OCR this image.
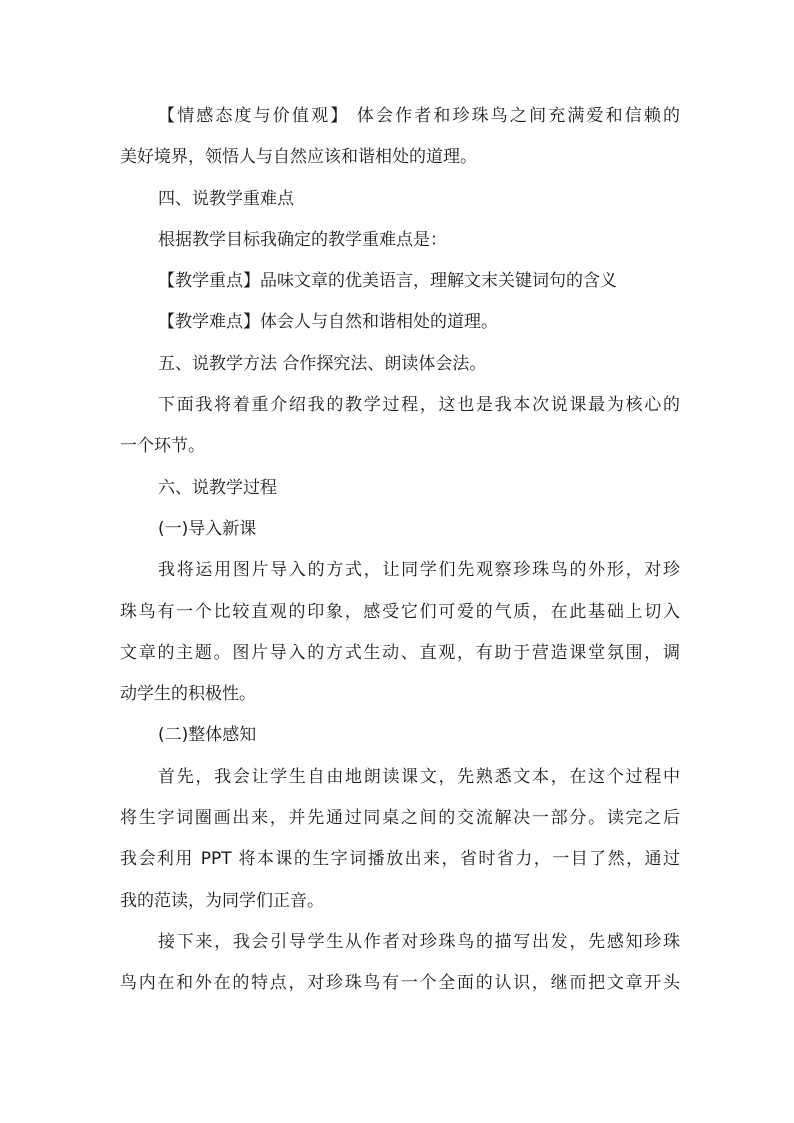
【情感态度与价值观】 体会作者和珍珠鸟之间充满爱和信赖的
美好境界，领悟人与自然应该和谐相处的道理。
四、说教学重难点
根据教学目标我确定的教学重难点是：
【教学重点】品味文章的优美语言，理解文末关键词句的含义
【教学难点】体会人与自然和谐相处的道理。
五、说教学方法 合作探究法、朗读体会法。
下面我将着重介绍我的教学过程，这也是我本次说课最为核心的
一个环节。
六、说教学过程
(一)导入新课
我将运用图片导入的方式，让同学们先观察珍珠鸟的外形，对珍
珠鸟有一个比较直观的印象，感受它们可爱的气质，在此基础上切入
文章的主题。图片导入的方式生动、直观，有助于营造课堂氛围，调
动学生的积极性。
(二)整体感知
首先，我会让学生自由地朗读课文，先熟悉文本，在这个过程中
将生字词圈画出来，并先通过同桌之间的交流解决一部分。读完之后
我会利用 PPT 将本课的生字词播放出来，省时省力，一目了然，通过
我的范读，为同学们正音。
接下来，我会引导学生从作者对珍珠鸟的描写出发，先感知珍珠
鸟内在和外在的特点，对珍珠鸟有一个全面的认识，继而把文章开头
